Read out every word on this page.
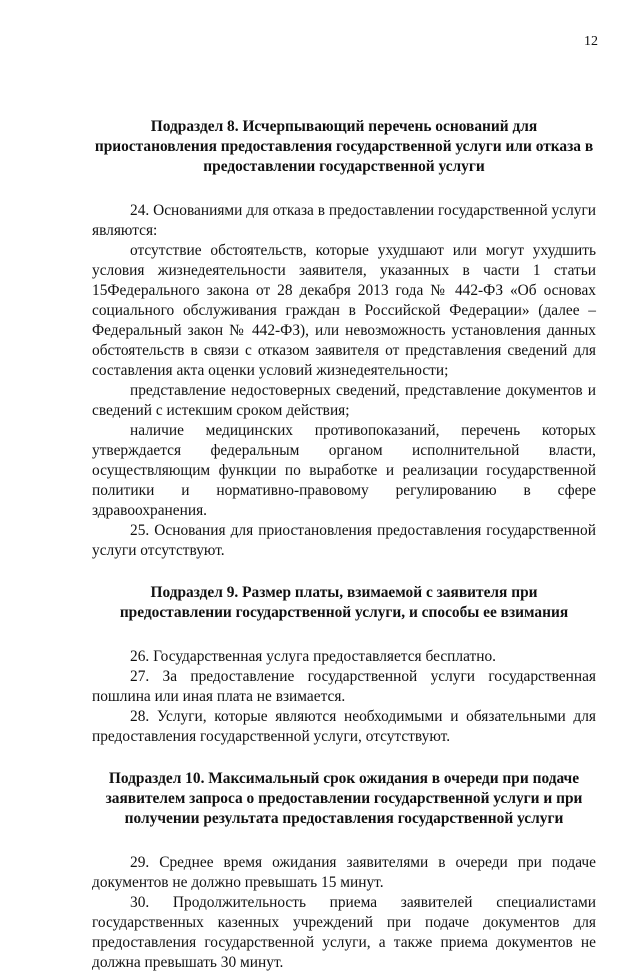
12

Подраздел 8. Исчерпывающий перечень оснований для

приостановления предоставления государственной услуги или отказа в

предоставлении государственной услуги

24. Основаниями для отказа в предоставлении государственной услуги являются:

отсутствие обстоятельств, которые ухудшают или могут ухудшить условия жизнедеятельности заявителя, указанных в части 1 статьи 15Федерального закона от 28 декабря 2013 года № 442-ФЗ «Об основах социального обслуживания граждан в Российской Федерации» (далее – Федеральный закон № 442-ФЗ), или невозможность установления данных обстоятельств в связи с отказом заявителя от представления сведений для составления акта оценки условий жизнедеятельности;

представление недостоверных сведений, представление документов и сведений с истекшим сроком действия;

наличие медицинских противопоказаний, перечень которых утверждается федеральным органом исполнительной власти, осуществляющим функции по выработке и реализации государственной политики и нормативно-правовому регулированию в сфере здравоохранения.

25. Основания для приостановления предоставления государственной услуги отсутствуют.

Подраздел 9. Размер платы, взимаемой с заявителя при

предоставлении государственной услуги, и способы ее взимания

26. Государственная услуга предоставляется бесплатно.

27. За предоставление государственной услуги государственная пошлина или иная плата не взимается.

28. Услуги, которые являются необходимыми и обязательными для предоставления государственной услуги, отсутствуют.

Подраздел 10. Максимальный срок ожидания в очереди при подаче

заявителем запроса о предоставлении государственной услуги и при

получении результата предоставления государственной услуги

29. Среднее время ожидания заявителями в очереди при подаче документов не должно превышать 15 минут.

30. Продолжительность приема заявителей специалистами государственных казенных учреждений при подаче документов для предоставления государственной услуги, а также приема документов не должна превышать 30 минут.
